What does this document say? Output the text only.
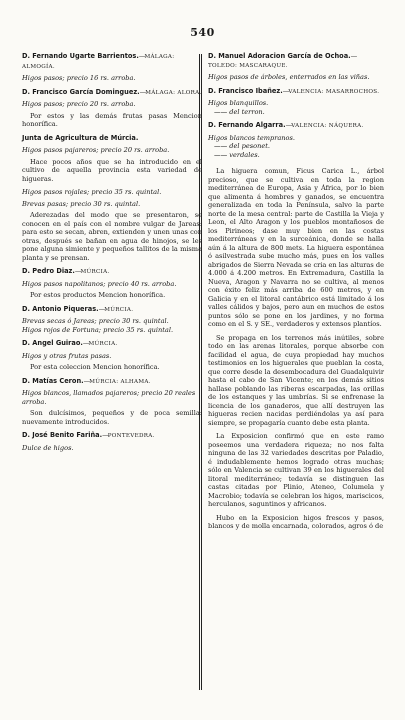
540
D. Fernando Ugarte Barrientos.—MÁLAGA: ALMOGÍA.
Higos pasos; precio 16 rs. arroba.
D. Francisco García Dominguez.—MÁLAGA: ALORA.
Higos pasos; precio 20 rs. arroba.
Por estos y las demás frutas pasas Mencion honorífica.
Junta de Agricultura de Múrcia.
Higos pasos pajareros; precio 20 rs. arroba.
Hace pocos años que se ha introducido en el cultivo de aquella provincia esta variedad de higueras.
Higos pasos rojales; precio 35 rs. quintal.
Brevas pasas; precio 30 rs. quintal.
Aderezadas del modo que se presentaron, se conocen en el país con el nombre vulgar de Jareas: para esto se secan, abren, extienden y unen unas con otras, después se bañan en agua de hinojos, se les pone alguna simiente y pequeños tallitos de la misma planta y se prensan.
D. Pedro Diaz.—MÚRCIA.
Higos pasos napolitanos; precio 40 rs. arroba.
Por estos productos Mencion honorífica.
D. Antonio Piqueras.—MÚRCIA.
Brevas secas ó Jareas; precio 30 rs. quintal.
Higos rojos de Fortuna; precio 35 rs. quintal.
D. Angel Guirao.—MÚRCIA.
Higos y otras frutas pasas.
Por esta coleccion Mencion honorífica.
D. Matías Ceron.—MÚRCIA: ALHAMA.
Higos blancos, llamados pajareros; precio 20 reales arroba.
Son dulcísimos, pequeños y de poca semilla: nuevamente introducidos.
D. José Benito Fariña.—PONTEVEDRA.
Dulce de higos.
D. Manuel Adoracion García de Ochoa.—TOLEDO: MASCARAQUE.
Higos pasos de árboles, enterrados en las viñas.
D. Francisco Ibañez.—VALENCIA: MASARROCHOS.
Higos blanquillos.
—— del terron.
D. Fernando Algarra.—VALENCIA: NÁQUERA.
Higos blancos tempranos.
—— del pesonet.
—— verdales.
La higuera comun, Ficus Carica L., árbol precioso, que se cultiva en toda la region mediterránea de Europa, Asia y África, por lo bien que alimenta á hombres y ganados, se encuentra generalizada en toda la Península, salvo la parte norte de la mesa central: parte de Castilla la Vieja y Leon, el Alto Aragon y los pueblos montañosos de los Pirineos; dase muy bien en las costas mediterráneas y en la surceánica, donde se halla aún á la altura de 800 mets. La higuera espontánea ó asilvestrada sube mucho más, pues en los valles abrigados de Sierra Nevada se cria en las alturas de 4.000 á 4.200 metros. En Extremadura, Castilla la Nueva, Aragon y Navarra no se cultiva, al menos con éxito feliz más arriba de 600 metros, y en Galicia y en el litoral cantábrico está limitado á los valles cálidos y bajos, pero aun en muchos de estos puntos sólo se pone en los jardines, y no forma como en el S. y SE., verdaderos y extensos plantíos.
Se propaga en los terrenos más inútiles, sobre todo en las arenas litorales, porque absorbe con facilidad el agua, de cuya propiedad hay muchos testimonios en los higuerales que pueblan la costa, que corre desde la desembocadura del Guadalquivir hasta el cabo de San Vicente; en los demás sitios hallase poblando las riberas escarpadas, las orillas de los estanques y las umbrías. Si se enfrenase la licencia de los ganaderos, que allí destruyen las higueras recien nacidas perdiéndolas ya así para siempre, se propagaría cuanto debe esta planta.
La Exposicion confirmó que en este ramo poseemos una verdadera riqueza; no nos falta ninguna de las 32 variedades descritas por Paladio, é indudablemente hemos logrado otras muchas; sólo en Valencia se cultivan 39 en los higuerales del litoral mediterráneo; tedavía se distinguen las castas citadas por Plinio, Ateneo, Columela y Macrobio; todavía se celebran los higos, mariscicos, herculanos, saguntinos y africanos.
Hubo en la Exposicion higos frescos y pasos, blancos y de molla encarnada, colorados, agros ó de
